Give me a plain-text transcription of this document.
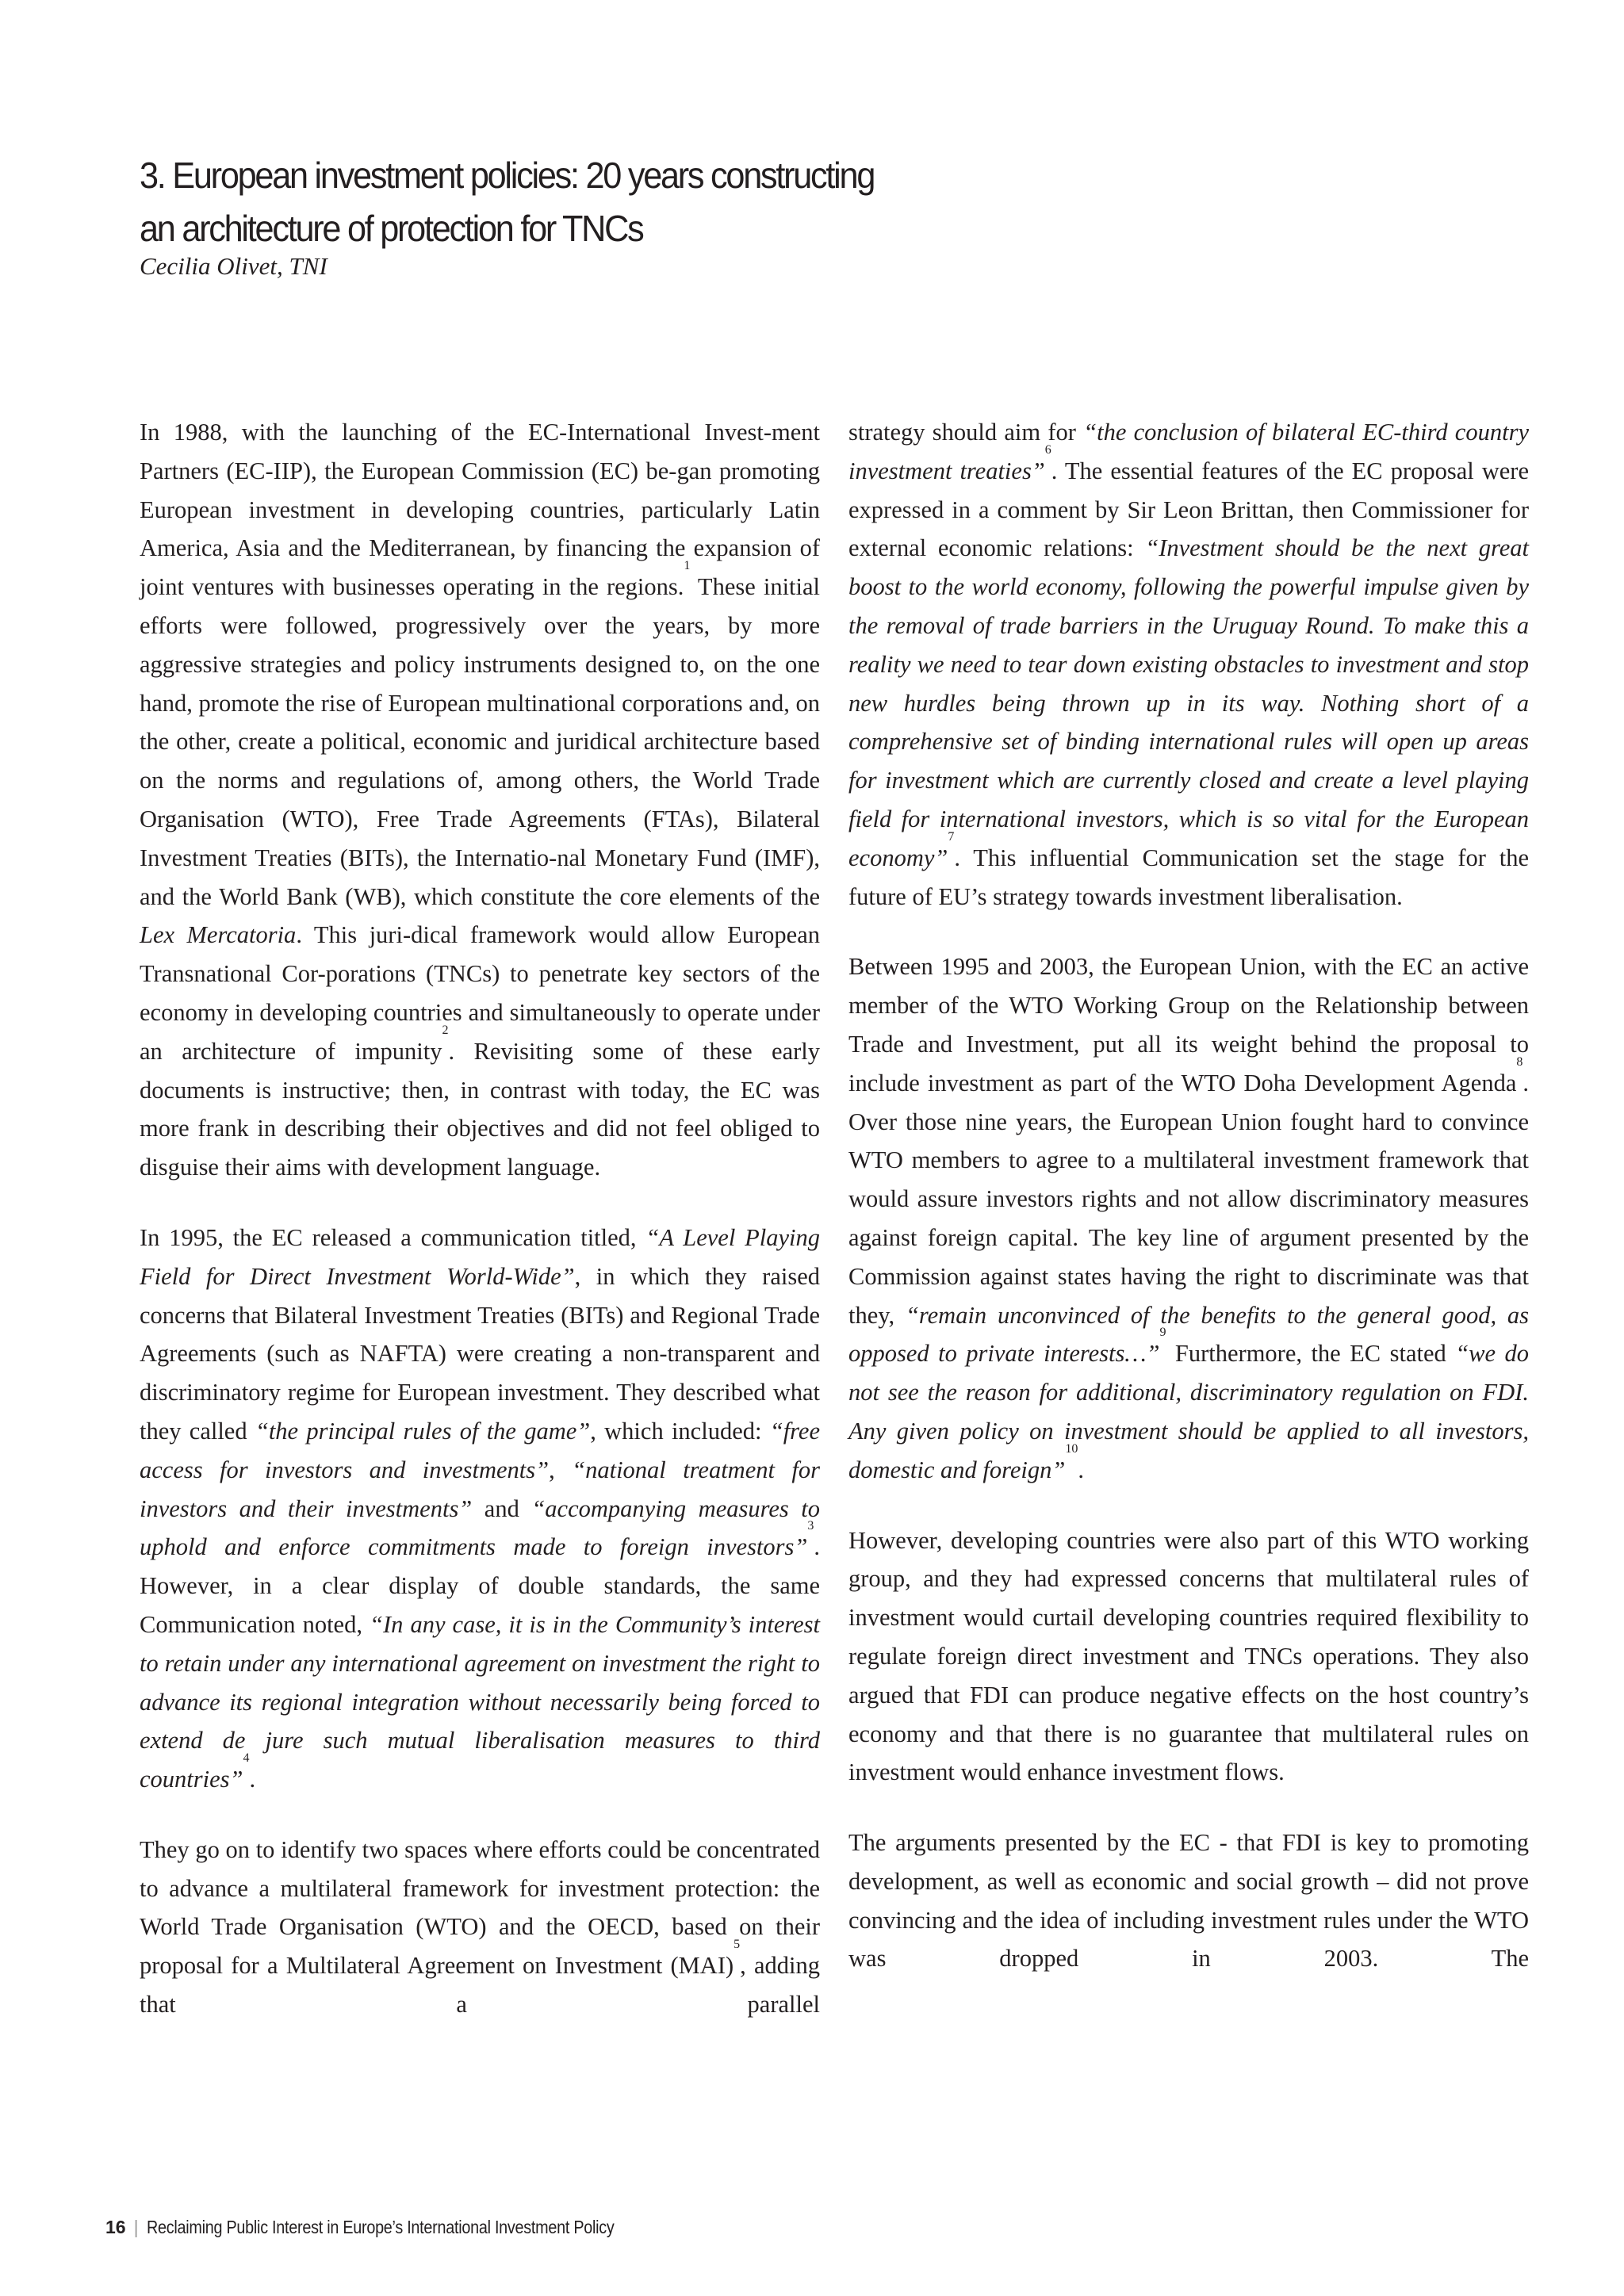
3. European investment policies: 20 years constructing
an architecture of protection for TNCs
Cecilia Olivet, TNI

In 1988, with the launching of the EC-International Invest-ment Partners (EC-IIP), the European Commission (EC) be-gan promoting European investment in developing countries, particularly Latin America, Asia and the Mediterranean, by financing the expansion of joint ventures with businesses operating in the regions.$^1$ These initial efforts were followed, progressively over the years, by more aggressive strategies and policy instruments designed to, on the one hand, promote the rise of European multinational corporations and, on the other, create a political, economic and juridical architecture based on the norms and regulations of, among others, the World Trade Organisation (WTO), Free Trade Agreements (FTAs), Bilateral Investment Treaties (BITs), the Internatio-nal Monetary Fund (IMF), and the World Bank (WB), which constitute the core elements of the Lex Mercatoria. This juri-dical framework would allow European Transnational Cor-porations (TNCs) to penetrate key sectors of the economy in developing countries and simultaneously to operate under an architecture of impunity$^2$. Revisiting some of these early documents is instructive; then, in contrast with today, the EC was more frank in describing their objectives and did not feel obliged to disguise their aims with development language.

In 1995, the EC released a communication titled, “A Level Playing Field for Direct Investment World-Wide”, in which they raised concerns that Bilateral Investment Treaties (BITs) and Regional Trade Agreements (such as NAFTA) were creating a non-transparent and discriminatory regime for European investment. They described what they called “the principal rules of the game”, which included: “free access for investors and investments”, “national treatment for investors and their investments” and “accompanying measures to uphold and enforce commitments made to foreign investors”$^3$. However, in a clear display of double standards, the same Communication noted, “In any case, it is in the Community’s interest to retain under any international agreement on investment the right to advance its regional integration without necessarily being forced to extend de jure such mutual liberalisation measures to third countries”$^4$.

They go on to identify two spaces where efforts could be concentrated to advance a multilateral framework for investment protection: the World Trade Organisation (WTO) and the OECD, based on their proposal for a Multilateral Agreement on Investment (MAI)$^5$, adding that a parallel

strategy should aim for “the conclusion of bilateral EC-third country investment treaties”$^6$. The essential features of the EC proposal were expressed in a comment by Sir Leon Brittan, then Commissioner for external economic relations: “Investment should be the next great boost to the world economy, following the powerful impulse given by the removal of trade barriers in the Uruguay Round. To make this a reality we need to tear down existing obstacles to investment and stop new hurdles being thrown up in its way. Nothing short of a comprehensive set of binding international rules will open up areas for investment which are currently closed and create a level playing field for international investors, which is so vital for the European economy”$^7$. This influential Communication set the stage for the future of EU’s strategy towards investment liberalisation.

Between 1995 and 2003, the European Union, with the EC an active member of the WTO Working Group on the Relationship between Trade and Investment, put all its weight behind the proposal to include investment as part of the WTO Doha Development Agenda$^8$. Over those nine years, the European Union fought hard to convince WTO members to agree to a multilateral investment framework that would assure investors rights and not allow discriminatory measures against foreign capital. The key line of argument presented by the Commission against states having the right to discriminate was that they, “remain unconvinced of the benefits to the general good, as opposed to private interests…”$^9$ Furthermore, the EC stated “we do not see the reason for additional, discriminatory regulation on FDI. Any given policy on investment should be applied to all investors, domestic and foreign”$^{10}$.

However, developing countries were also part of this WTO working group, and they had expressed concerns that multilateral rules of investment would curtail developing countries required flexibility to regulate foreign direct investment and TNCs operations. They also argued that FDI can produce negative effects on the host country’s economy and that there is no guarantee that multilateral rules on investment would enhance investment flows.

The arguments presented by the EC - that FDI is key to promoting development, as well as economic and social growth – did not prove convincing and the idea of including investment rules under the WTO was dropped in 2003. The

16 | Reclaiming Public Interest in Europe’s International Investment Policy
